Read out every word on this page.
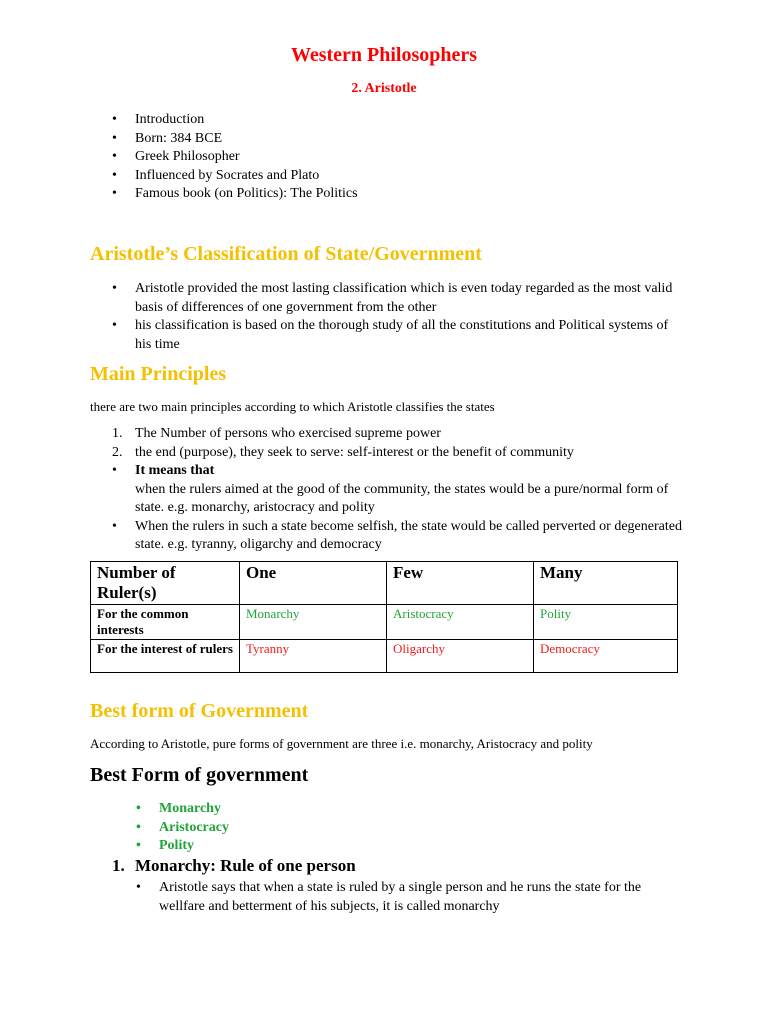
Western Philosophers
2. Aristotle
• Introduction
• Born: 384 BCE
• Greek Philosopher
• Influenced by Socrates and Plato
• Famous book (on Politics): The Politics
Aristotle’s Classification of State/Government
• Aristotle provided the most lasting classification which is even today regarded as the most valid basis of differences of one government from the other
• his classification is based on the thorough study of all the constitutions and Political systems of his time
Main Principles
there are two main principles according to which Aristotle classifies the states
1. The Number of persons who exercised supreme power
2. the end (purpose), they seek to serve: self-interest or the benefit of community
• It means that
when the rulers aimed at the good of the community, the states would be a pure/normal form of state. e.g. monarchy, aristocracy and polity
• When the rulers in such a state become selfish, the state would be called perverted or degenerated state. e.g. tyranny, oligarchy and democracy
Number of Ruler(s)	One	Few	Many
For the common interests	Monarchy	Aristocracy	Polity
For the interest of rulers	Tyranny	Oligarchy	Democracy
Best form of Government
According to Aristotle, pure forms of government are three i.e. monarchy, Aristocracy and polity
Best Form of government
• Monarchy
• Aristocracy
• Polity
1. Monarchy: Rule of one person
• Aristotle says that when a state is ruled by a single person and he runs the state for the wellfare and betterment of his subjects, it is called monarchy
